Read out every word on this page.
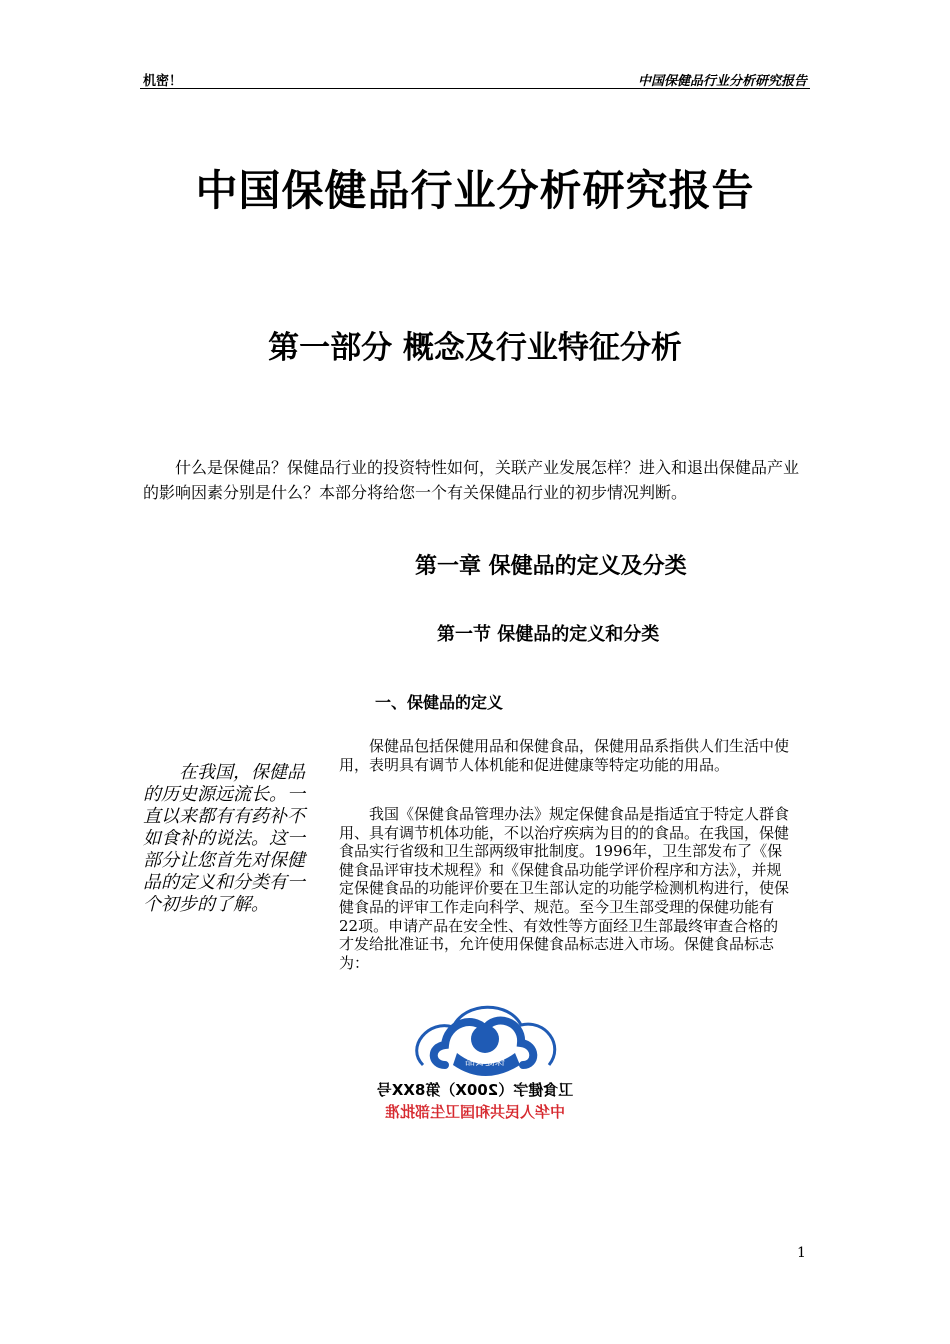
机密！	中国保健品行业分析研究报告
中国保健品行业分析研究报告
第一部分 概念及行业特征分析

什么是保健品？保健品行业的投资特性如何，关联产业发展怎样？进入和退出保健品产业的影响因素分别是什么？本部分将给您一个有关保健品行业的初步情况判断。

第一章 保健品的定义及分类
第一节 保健品的定义和分类
一、保健品的定义

在我国，保健品的历史源远流长。一直以来都有有药补不如食补的说法。这一部分让您首先对保健品的定义和分类有一个初步的了解。

保健品包括保健用品和保健食品，保健用品系指供人们生活中使用，表明具有调节人体机能和促进健康等特定功能的用品。

我国《保健食品管理办法》规定保健食品是指适宜于特定人群食用、具有调节机体功能，不以治疗疾病为目的的食品。在我国，保健食品实行省级和卫生部两级审批制度。1996年，卫生部发布了《保健食品评审技术规程》和《保健食品功能学评价程序和方法》，并规定保健食品的功能评价要在卫生部认定的功能学检测机构进行，使保健食品的评审工作走向科学、规范。至今卫生部受理的保健功能有22项。申请产品在安全性、有效性等方面经卫生部最终审查合格的才发给批准证书，允许使用保健食品标志进入市场。保健食品标志为：

保健食品
卫食健字（200X）第8XX号
中华人民共和国卫生部批准
1
